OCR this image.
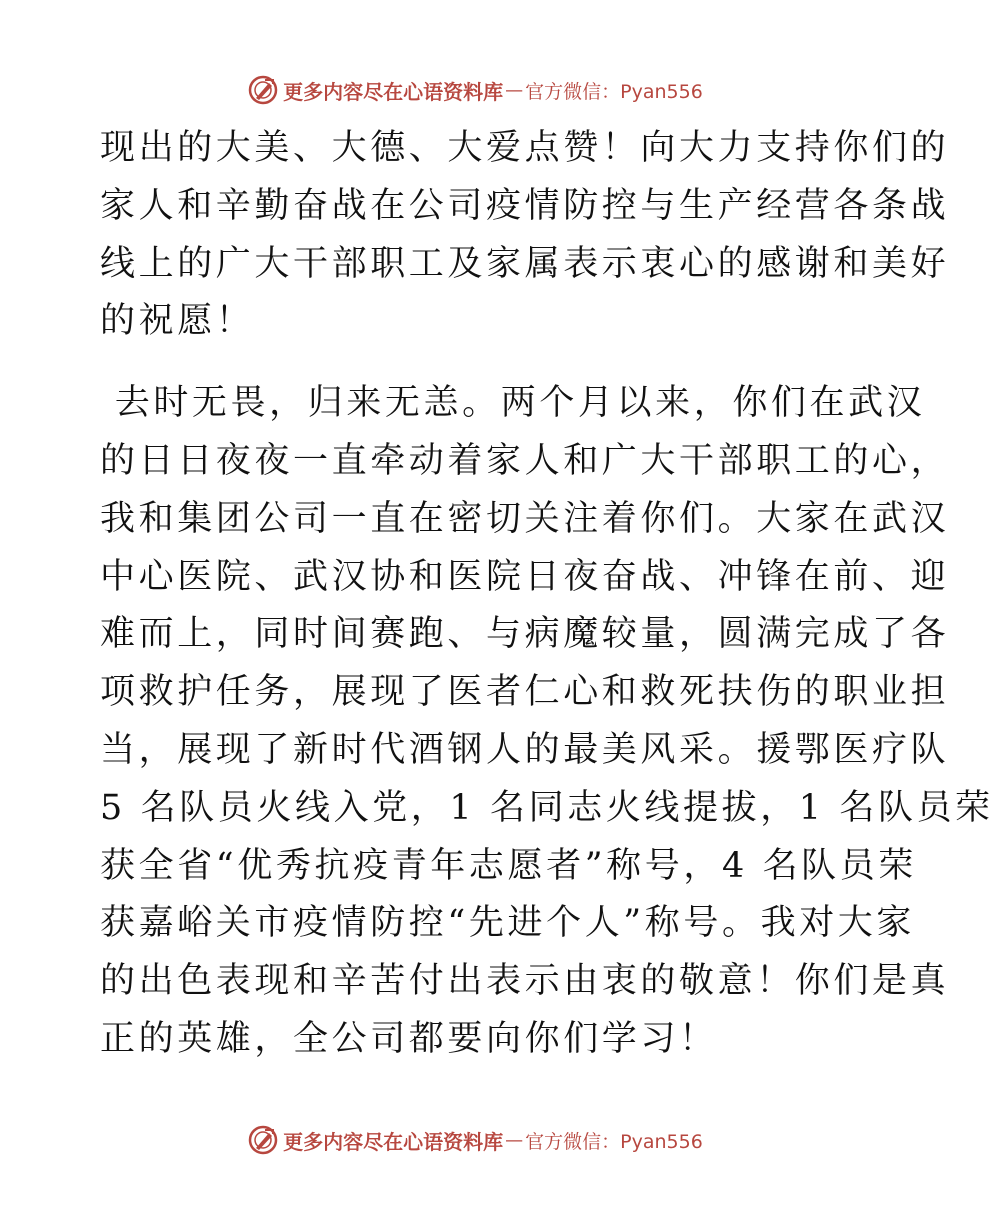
更多内容尽在心语资料库 — 官方微信：Pyan556
现出的大美、大德、大爱点赞！向大力支持你们的
家人和辛勤奋战在公司疫情防控与生产经营各条战
线上的广大干部职工及家属表示衷心的感谢和美好
的祝愿！
去时无畏，归来无恙。两个月以来，你们在武汉
的日日夜夜一直牵动着家人和广大干部职工的心，
我和集团公司一直在密切关注着你们。大家在武汉
中心医院、武汉协和医院日夜奋战、冲锋在前、迎
难而上，同时间赛跑、与病魔较量，圆满完成了各
项救护任务，展现了医者仁心和救死扶伤的职业担
当，展现了新时代酒钢人的最美风采。援鄂医疗队
5 名队员火线入党，1 名同志火线提拔，1 名队员荣
获全省“优秀抗疫青年志愿者”称号，4 名队员荣
获嘉峪关市疫情防控“先进个人”称号。我对大家
的出色表现和辛苦付出表示由衷的敬意！你们是真
正的英雄，全公司都要向你们学习！
更多内容尽在心语资料库 — 官方微信：Pyan556
